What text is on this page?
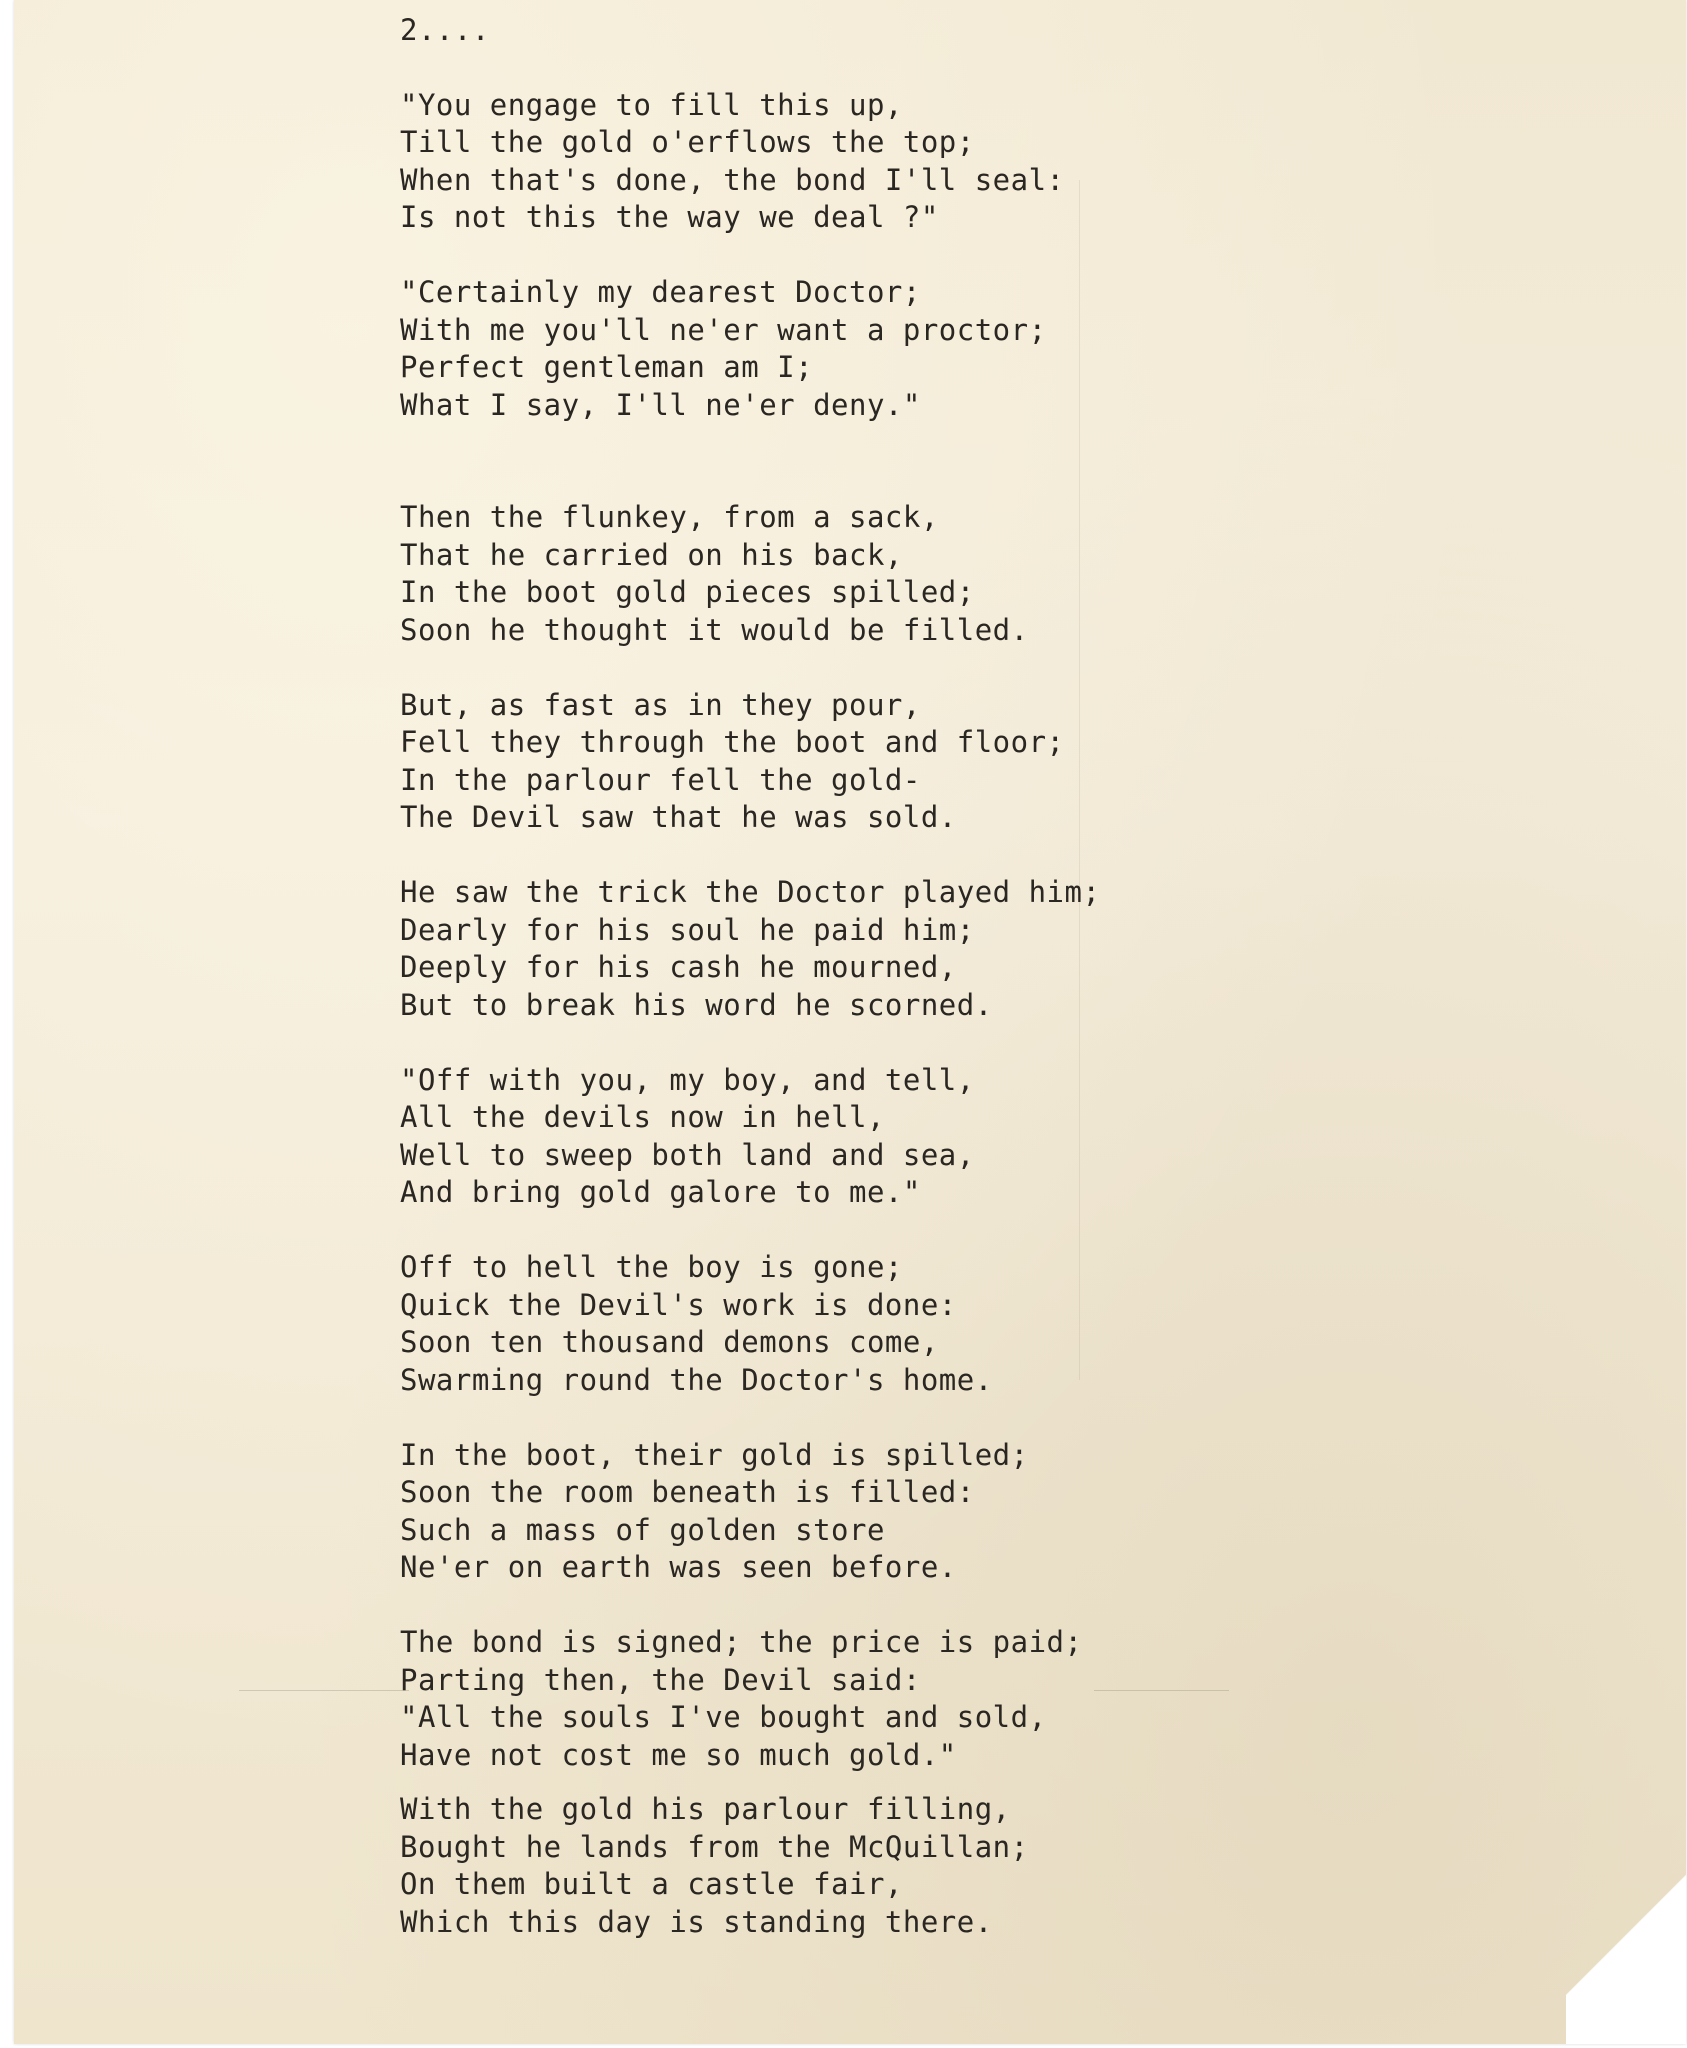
2....
"You engage to fill this up,
Till the gold o'erflows the top;
When that's done, the bond I'll seal:
Is not this the way we deal ?"
"Certainly my dearest Doctor;
With me you'll ne'er want a proctor;
Perfect gentleman am I;
What I say, I'll ne'er deny."
Then the flunkey, from a sack,
That he carried on his back,
In the boot gold pieces spilled;
Soon he thought it would be filled.
But, as fast as in they pour,
Fell they through the boot and floor;
In the parlour fell the gold-
The Devil saw that he was sold.
He saw the trick the Doctor played him;
Dearly for his soul he paid him;
Deeply for his cash he mourned,
But to break his word he scorned.
"Off with you, my boy, and tell,
All the devils now in hell,
Well to sweep both land and sea,
And bring gold galore to me."
Off to hell the boy is gone;
Quick the Devil's work is done:
Soon ten thousand demons come,
Swarming round the Doctor's home.
In the boot, their gold is spilled;
Soon the room beneath is filled:
Such a mass of golden store
Ne'er on earth was seen before.
The bond is signed; the price is paid;
Parting then, the Devil said:
"All the souls I've bought and sold,
Have not cost me so much gold."
With the gold his parlour filling,
Bought he lands from the McQuillan;
On them built a castle fair,
Which this day is standing there.
